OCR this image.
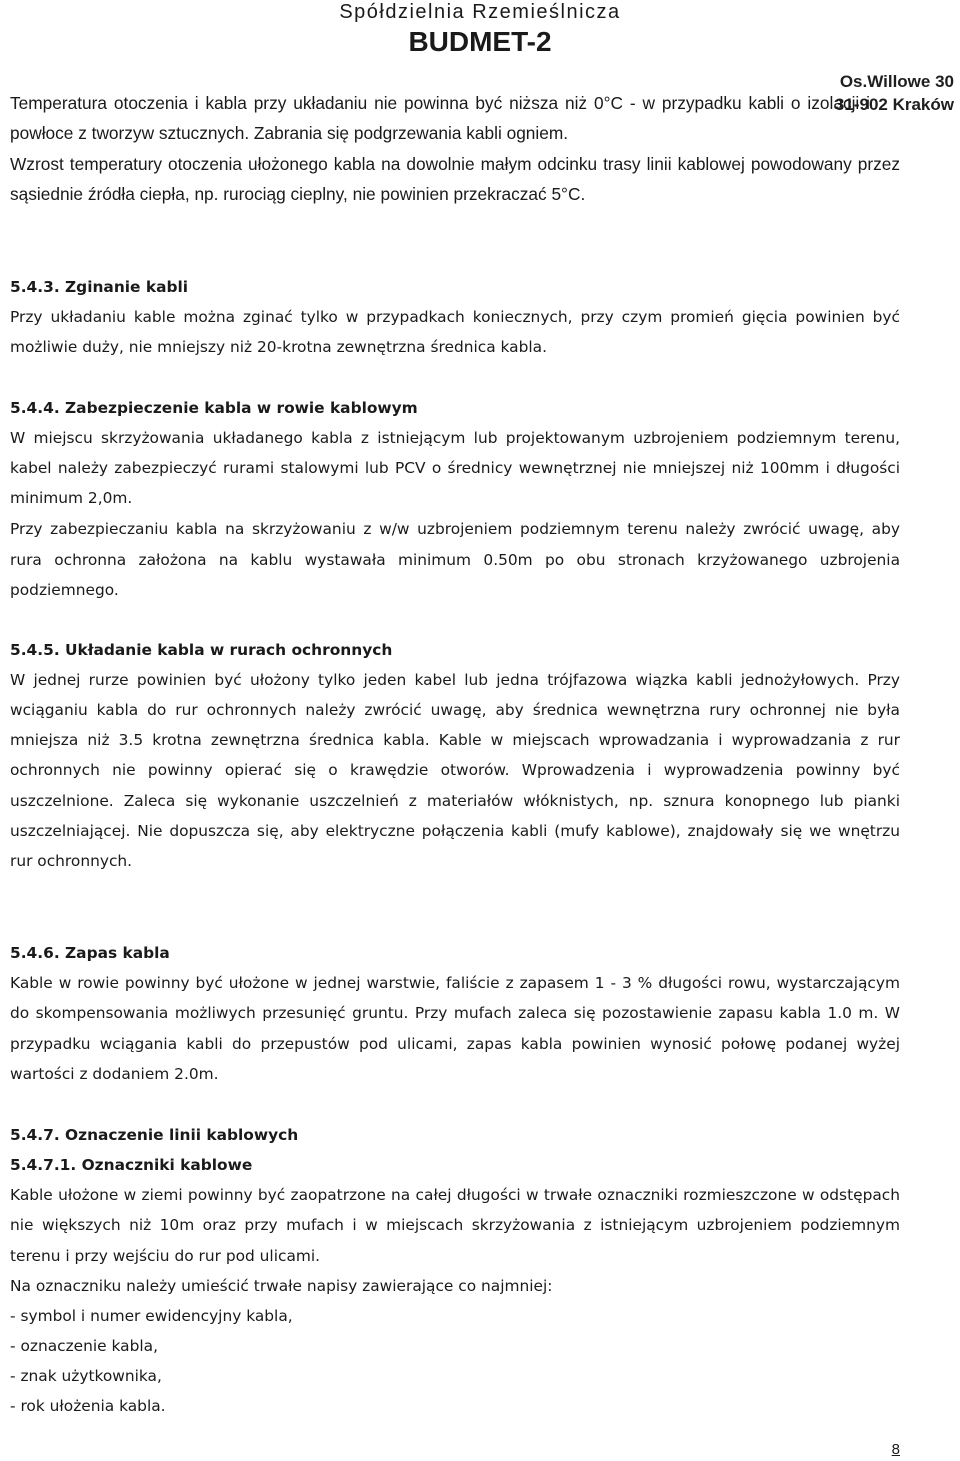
Spółdzielnia Rzemieślnicza
BUDMET-2
Os.Willowe 30
31-902 Kraków
Temperatura otoczenia i kabla przy układaniu nie powinna być niższa niż 0°C - w przypadku kabli o izolacji i powłoce z tworzyw sztucznych. Zabrania się podgrzewania kabli ogniem.
Wzrost temperatury otoczenia ułożonego kabla na dowolnie małym odcinku trasy linii kablowej powodowany przez sąsiednie źródła ciepła, np. rurociąg cieplny, nie powinien przekraczać 5°C.
5.4.3. Zginanie kabli
Przy układaniu kable można zginać tylko w przypadkach koniecznych, przy czym promień gięcia powinien być możliwie duży, nie mniejszy niż 20-krotna zewnętrzna średnica kabla.
5.4.4. Zabezpieczenie kabla w rowie kablowym
W miejscu skrzyżowania układanego kabla z istniejącym lub projektowanym uzbrojeniem podziemnym terenu, kabel należy zabezpieczyć rurami stalowymi lub PCV o średnicy wewnętrznej nie mniejszej niż 100mm i długości minimum 2,0m.
Przy zabezpieczaniu kabla na skrzyżowaniu z w/w uzbrojeniem podziemnym terenu należy zwrócić uwagę, aby rura ochronna założona na kablu wystawała minimum 0.50m po obu stronach krzyżowanego uzbrojenia podziemnego.
5.4.5. Układanie kabla w rurach ochronnych
W jednej rurze powinien być ułożony tylko jeden kabel lub jedna trójfazowa wiązka kabli jednożyłowych. Przy wciąganiu kabla do rur ochronnych należy zwrócić uwagę, aby średnica wewnętrzna rury ochronnej nie była mniejsza niż 3.5 krotna zewnętrzna średnica kabla. Kable w miejscach wprowadzania i wyprowadzania z rur ochronnych nie powinny opierać się o krawędzie otworów. Wprowadzenia i wyprowadzenia powinny być uszczelnione. Zaleca się wykonanie uszczelnień z materiałów włóknistych, np. sznura konopnego lub pianki uszczelniającej. Nie dopuszcza się, aby elektryczne połączenia kabli (mufy kablowe), znajdowały się we wnętrzu rur ochronnych.
5.4.6. Zapas kabla
Kable w rowie powinny być ułożone w jednej warstwie, faliście z zapasem 1 - 3 % długości rowu, wystarczającym do skompensowania możliwych przesunięć gruntu. Przy mufach zaleca się pozostawienie zapasu kabla 1.0 m. W przypadku wciągania kabli do przepustów pod ulicami, zapas kabla powinien wynosić połowę podanej wyżej wartości z dodaniem 2.0m.
5.4.7. Oznaczenie linii kablowych
5.4.7.1. Oznaczniki kablowe
Kable ułożone w ziemi powinny być zaopatrzone na całej długości w trwałe oznaczniki rozmieszczone w odstępach nie większych niż 10m oraz przy mufach i w miejscach skrzyżowania z istniejącym uzbrojeniem podziemnym terenu i przy wejściu do rur pod ulicami.
Na oznaczniku należy umieścić trwałe napisy zawierające co najmniej:
- symbol i numer ewidencyjny kabla,
- oznaczenie kabla,
- znak użytkownika,
- rok ułożenia kabla.
8
